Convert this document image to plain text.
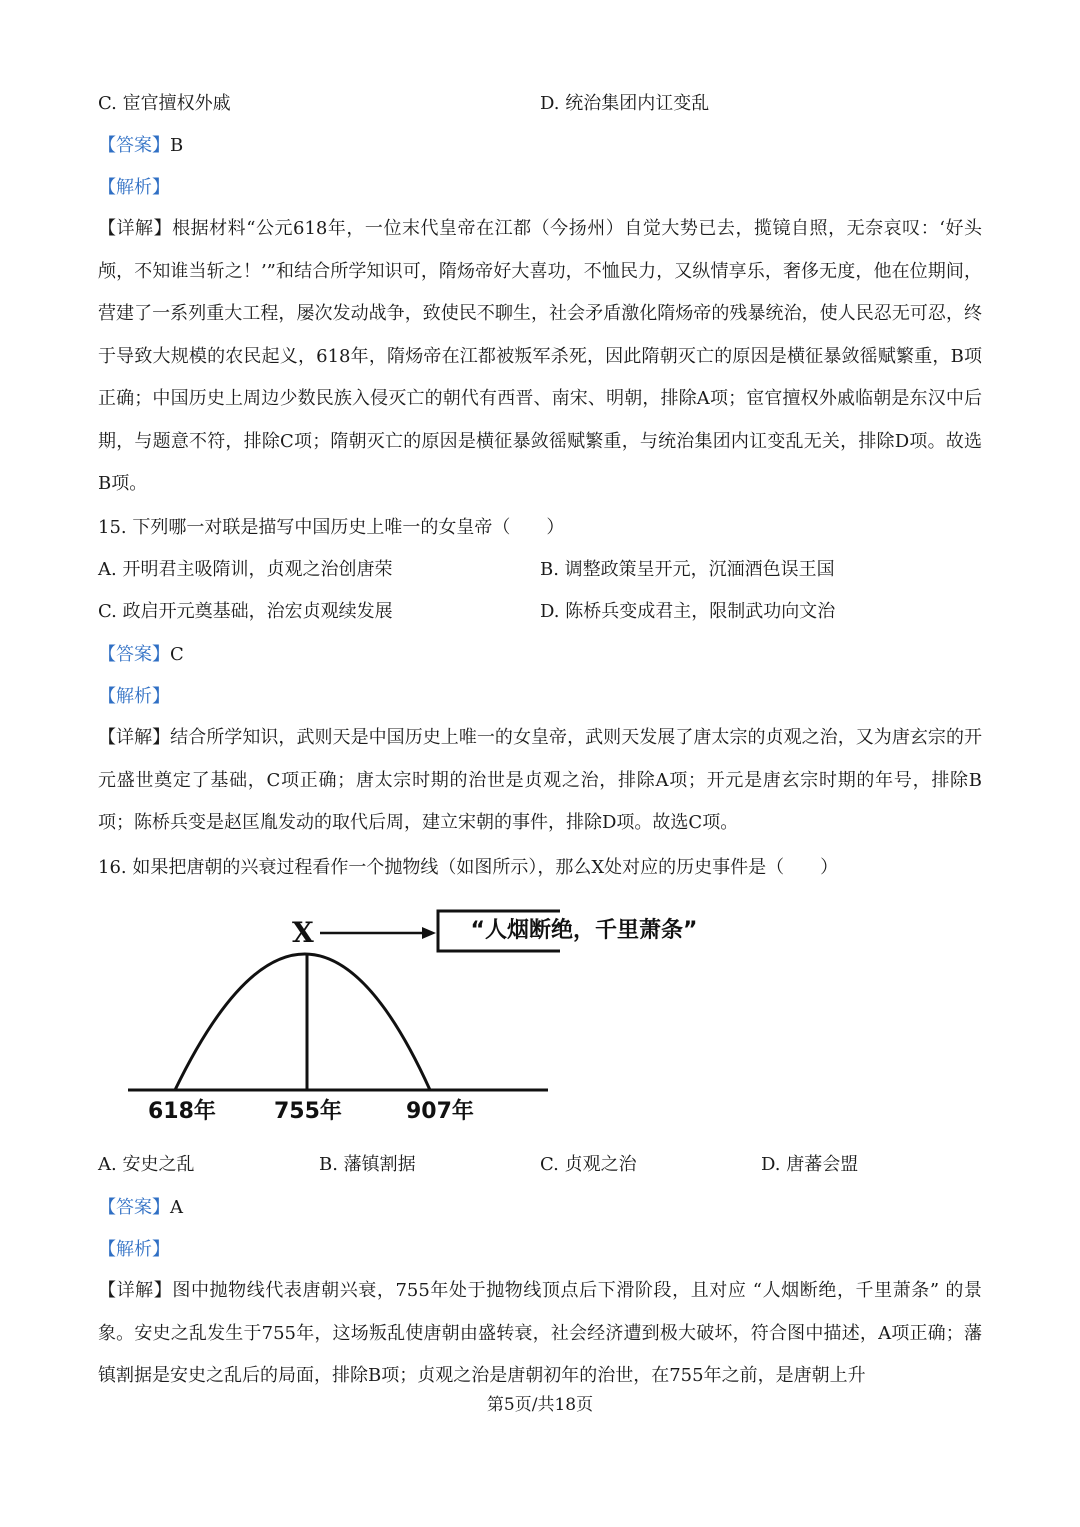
C. 宦官擅权外戚	D. 统治集团内讧变乱
【答案】B
【解析】
【详解】根据材料“公元618年，一位末代皇帝在江都（今扬州）自觉大势已去，揽镜自照，无奈哀叹：‘好头颅，不知谁当斩之！’”和结合所学知识可，隋炀帝好大喜功，不恤民力，又纵情享乐，奢侈无度，他在位期间，营建了一系列重大工程，屡次发动战争，致使民不聊生，社会矛盾激化隋炀帝的残暴统治，使人民忍无可忍，终于导致大规模的农民起义，618年，隋炀帝在江都被叛军杀死，因此隋朝灭亡的原因是横征暴敛徭赋繁重，B项正确；中国历史上周边少数民族入侵灭亡的朝代有西晋、南宋、明朝，排除A项；宦官擅权外戚临朝是东汉中后期，与题意不符，排除C项；隋朝灭亡的原因是横征暴敛徭赋繁重，与统治集团内讧变乱无关，排除D项。故选B项。
15. 下列哪一对联是描写中国历史上唯一的女皇帝（　　）
A. 开明君主吸隋训，贞观之治创唐荣	B. 调整政策呈开元，沉湎酒色误王国
C. 政启开元奠基础，治宏贞观续发展	D. 陈桥兵变成君主，限制武功向文治
【答案】C
【解析】
【详解】结合所学知识，武则天是中国历史上唯一的女皇帝，武则天发展了唐太宗的贞观之治，又为唐玄宗的开元盛世奠定了基础，C项正确；唐太宗时期的治世是贞观之治，排除A项；开元是唐玄宗时期的年号，排除B项；陈桥兵变是赵匡胤发动的取代后周，建立宋朝的事件，排除D项。故选C项。
16. 如果把唐朝的兴衰过程看作一个抛物线（如图所示），那么X处对应的历史事件是（　　）
X
618年	755年	907年
“人烟断绝，千里萧条”
A. 安史之乱	B. 藩镇割据	C. 贞观之治	D. 唐蕃会盟
【答案】A
【解析】
【详解】图中抛物线代表唐朝兴衰，755年处于抛物线顶点后下滑阶段，且对应 “人烟断绝，千里萧条” 的景象。安史之乱发生于755年，这场叛乱使唐朝由盛转衰，社会经济遭到极大破坏，符合图中描述，A项正确；藩镇割据是安史之乱后的局面，排除B项；贞观之治是唐朝初年的治世，在755年之前，是唐朝上升
第5页/共18页
